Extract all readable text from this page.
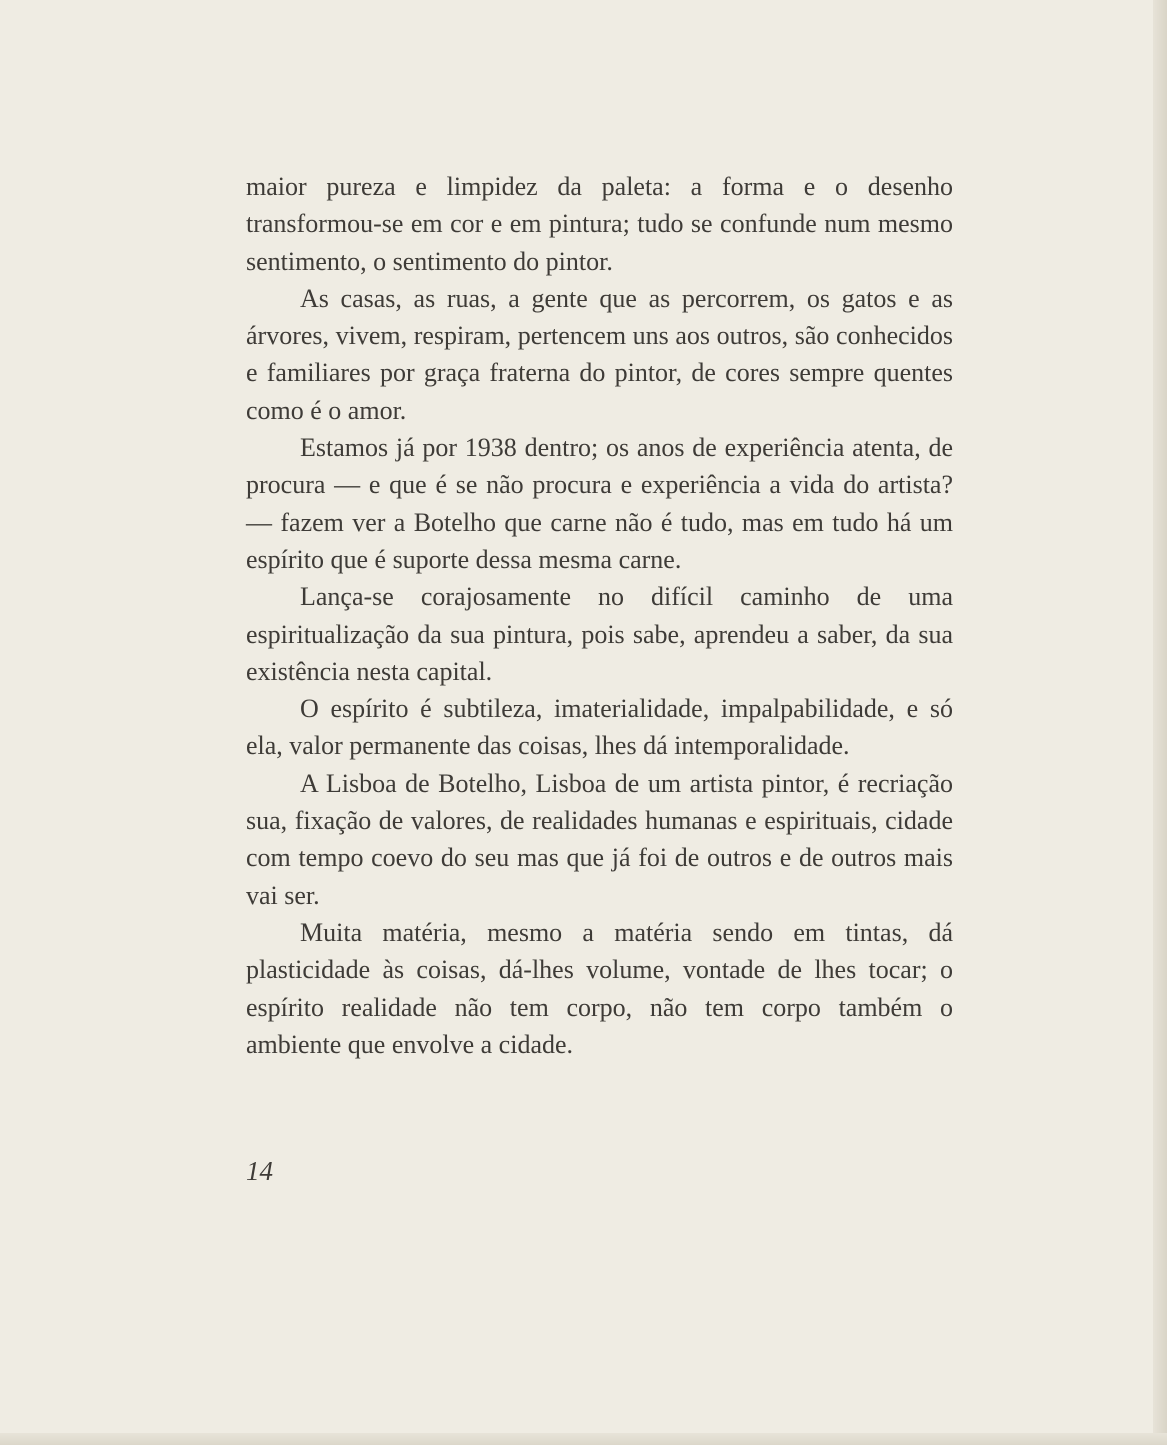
maior pureza e limpidez da paleta: a forma e o desenho transformou-se em cor e em pintura; tudo se confunde num mesmo sentimento, o sentimento do pintor.

As casas, as ruas, a gente que as percorrem, os gatos e as árvores, vivem, respiram, pertencem uns aos outros, são conhecidos e familiares por graça fraterna do pintor, de cores sempre quentes como é o amor.

Estamos já por 1938 dentro; os anos de experiência atenta, de procura — e que é se não procura e experiência a vida do artista? — fazem ver a Botelho que carne não é tudo, mas em tudo há um espírito que é suporte dessa mesma carne.

Lança-se corajosamente no difícil caminho de uma espiritualização da sua pintura, pois sabe, aprendeu a saber, da sua existência nesta capital.

O espírito é subtileza, imaterialidade, impalpabilidade, e só ela, valor permanente das coisas, lhes dá intemporalidade.

A Lisboa de Botelho, Lisboa de um artista pintor, é recriação sua, fixação de valores, de realidades humanas e espirituais, cidade com tempo coevo do seu mas que já foi de outros e de outros mais vai ser.

Muita matéria, mesmo a matéria sendo em tintas, dá plasticidade às coisas, dá-lhes volume, vontade de lhes tocar; o espírito realidade não tem corpo, não tem corpo também o ambiente que envolve a cidade.

14
